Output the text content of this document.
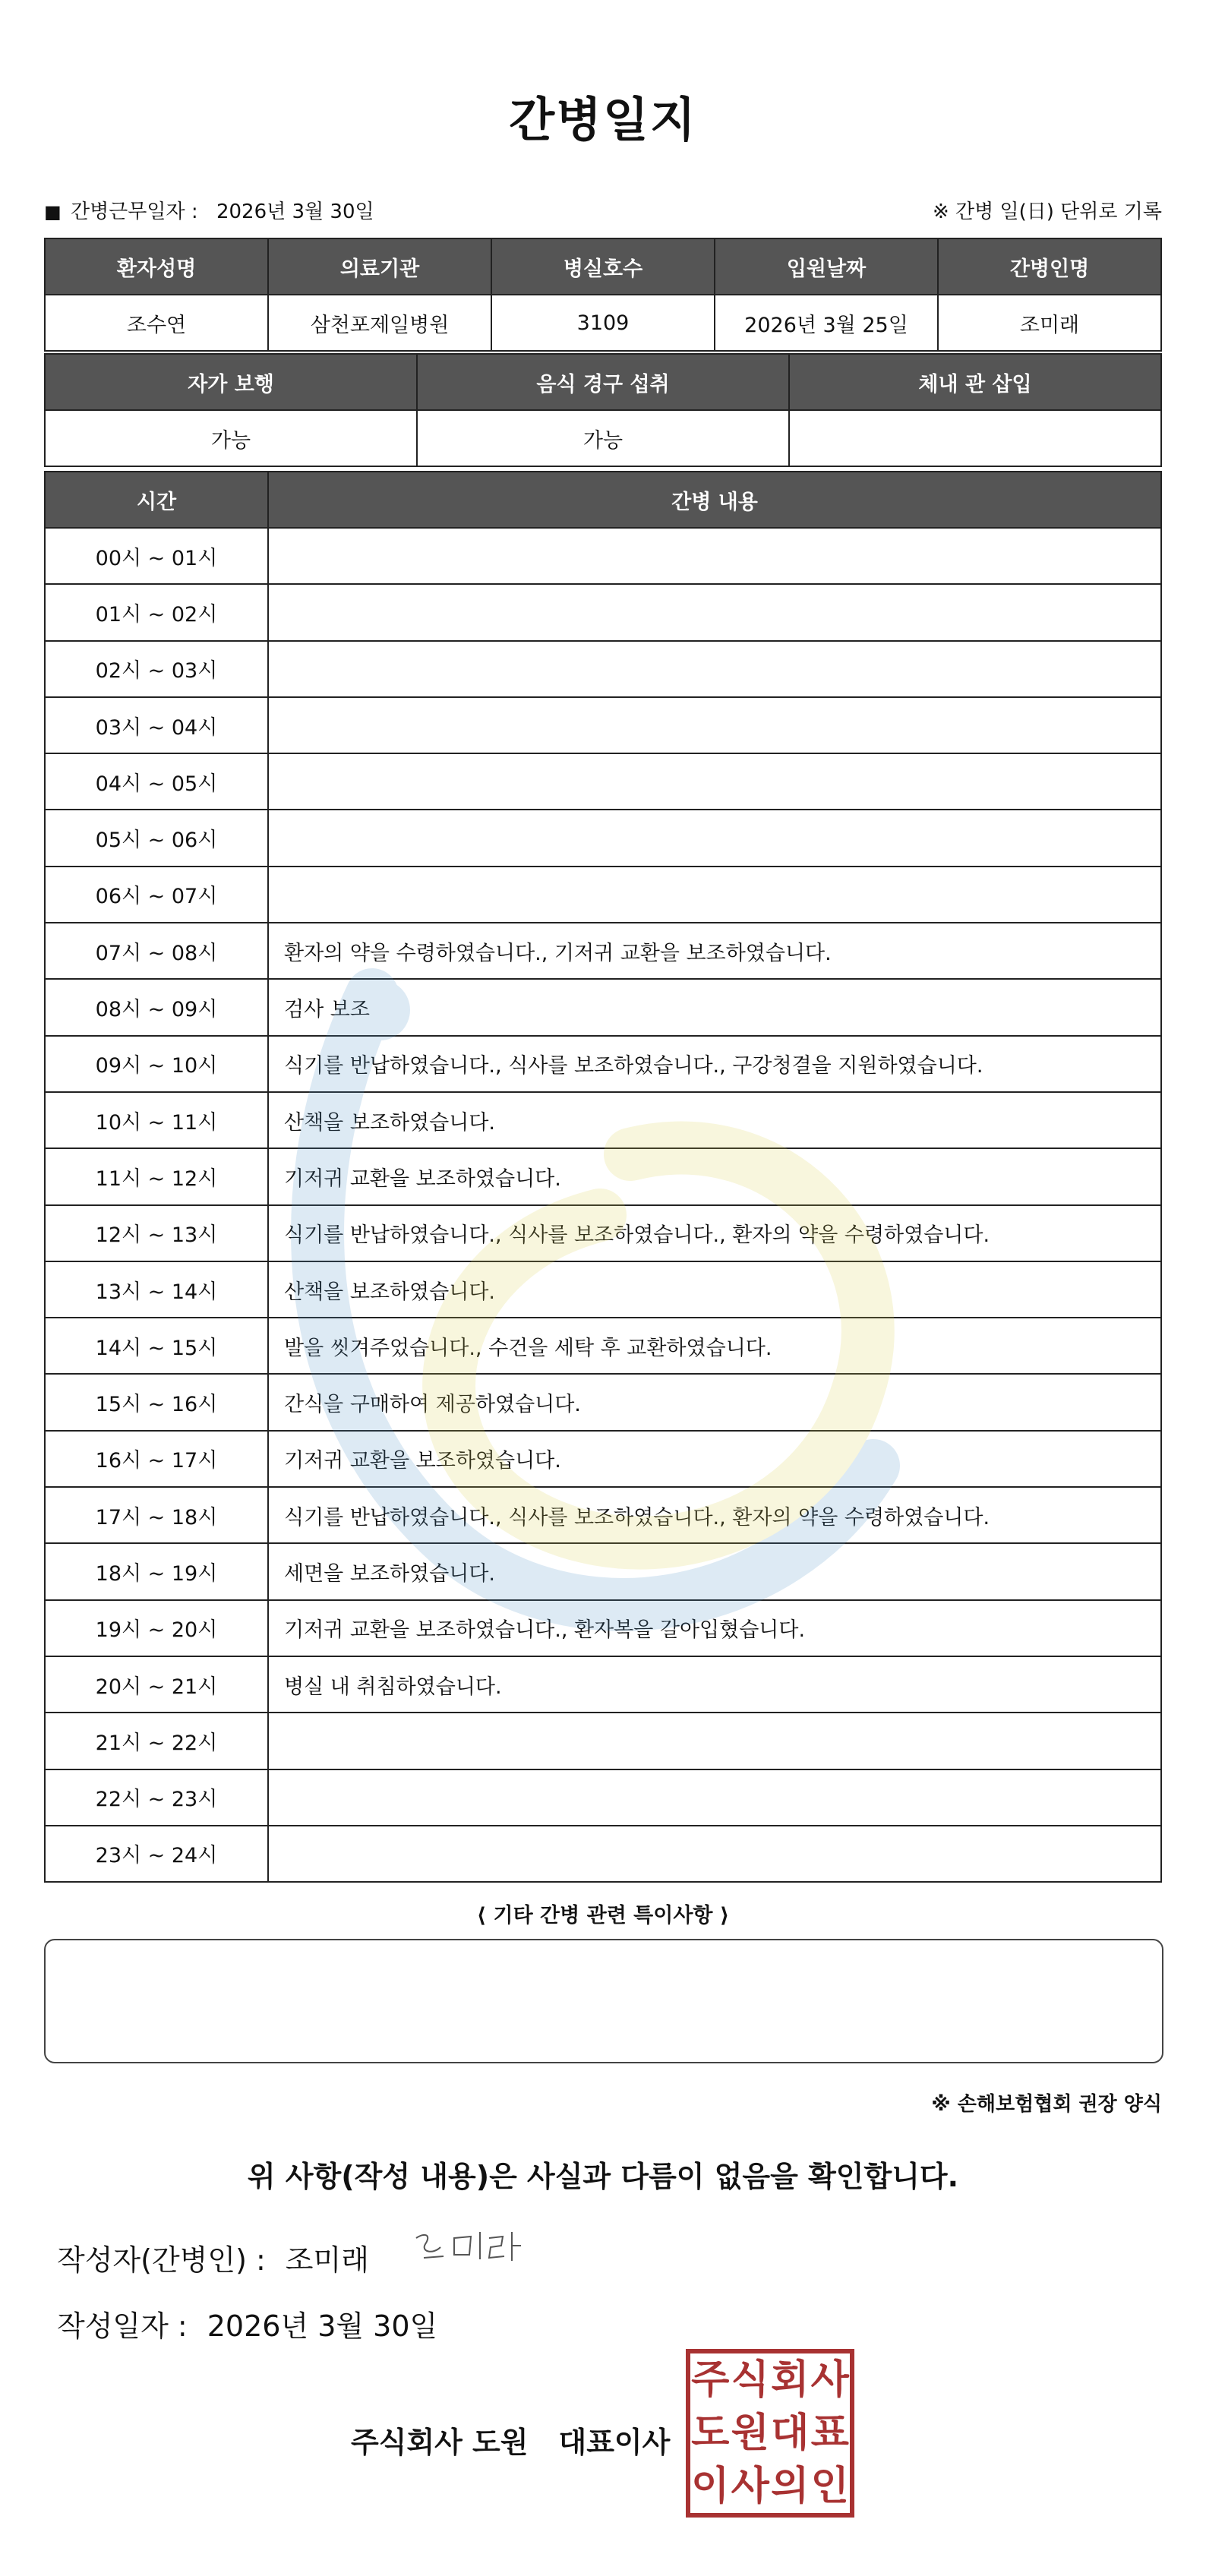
간병일지
■ 간병근무일자 : 2026년 3월 30일	※ 간병 일(日) 단위로 기록
환자성명	의료기관	병실호수	입원날짜	간병인명
조수연	삼천포제일병원	3109	2026년 3월 25일	조미래
자가 보행	음식 경구 섭취	체내 관 삽입
가능	가능	
시간	간병 내용
00시 ~ 01시	
01시 ~ 02시	
02시 ~ 03시	
03시 ~ 04시	
04시 ~ 05시	
05시 ~ 06시	
06시 ~ 07시	
07시 ~ 08시	환자의 약을 수령하였습니다., 기저귀 교환을 보조하였습니다.
08시 ~ 09시	검사 보조
09시 ~ 10시	식기를 반납하였습니다., 식사를 보조하였습니다., 구강청결을 지원하였습니다.
10시 ~ 11시	산책을 보조하였습니다.
11시 ~ 12시	기저귀 교환을 보조하였습니다.
12시 ~ 13시	식기를 반납하였습니다., 식사를 보조하였습니다., 환자의 약을 수령하였습니다.
13시 ~ 14시	산책을 보조하였습니다.
14시 ~ 15시	발을 씻겨주었습니다., 수건을 세탁 후 교환하였습니다.
15시 ~ 16시	간식을 구매하여 제공하였습니다.
16시 ~ 17시	기저귀 교환을 보조하였습니다.
17시 ~ 18시	식기를 반납하였습니다., 식사를 보조하였습니다., 환자의 약을 수령하였습니다.
18시 ~ 19시	세면을 보조하였습니다.
19시 ~ 20시	기저귀 교환을 보조하였습니다., 환자복을 갈아입혔습니다.
20시 ~ 21시	병실 내 취침하였습니다.
21시 ~ 22시	
22시 ~ 23시	
23시 ~ 24시	
⟨ 기타 간병 관련 특이사항 ⟩
※ 손해보험협회 권장 양식
위 사항(작성 내용)은 사실과 다름이 없음을 확인합니다.
작성자(간병인) : 조미래
작성일자 : 2026년 3월 30일
주식회사 도원 대표이사
주 식 회 사
도 원 대 표
이 사 의 인
